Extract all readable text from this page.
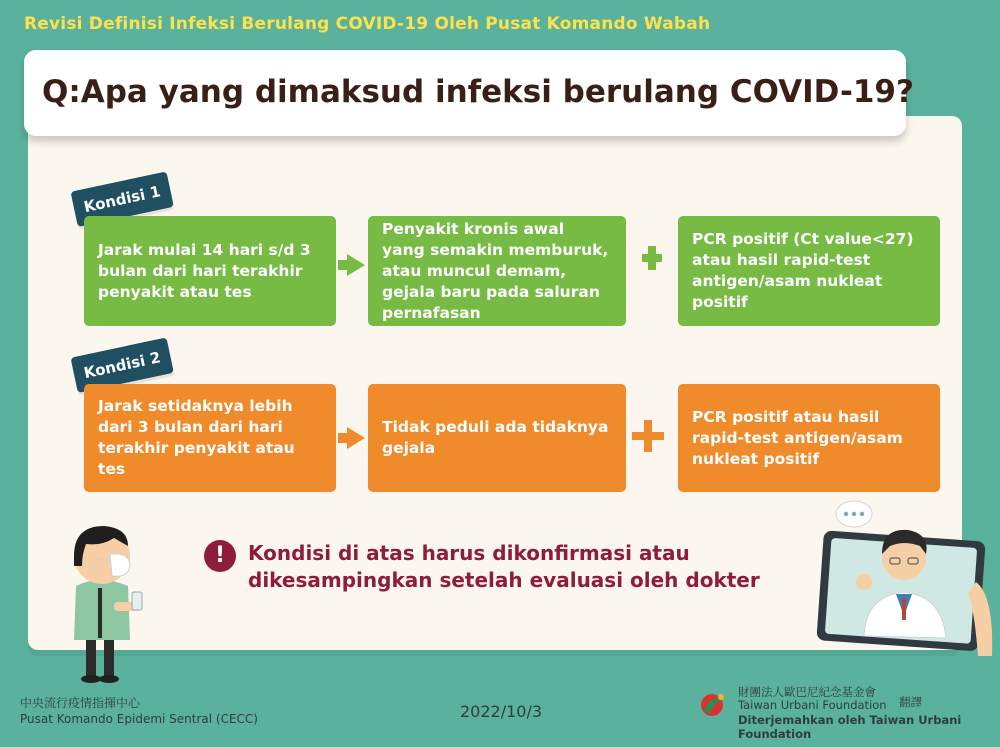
Revisi Definisi Infeksi Berulang COVID-19 Oleh Pusat Komando Wabah
Q:Apa yang dimaksud infeksi berulang COVID-19?
Kondisi 1
Jarak mulai 14 hari s/d 3 bulan dari hari terakhir penyakit atau tes
Penyakit kronis awal yang semakin memburuk, atau muncul demam, gejala baru pada saluran pernafasan
PCR positif (Ct value<27) atau hasil rapid-test antigen/asam nukleat positif
Kondisi 2
Jarak setidaknya lebih dari 3 bulan dari hari terakhir penyakit atau tes
Tidak peduli ada tidaknya gejala
PCR positif atau hasil rapid-test antigen/asam nukleat positif
!	Kondisi di atas harus dikonfirmasi atau dikesampingkan setelah evaluasi oleh dokter
中央流行疫情指揮中心
Pusat Komando Epidemi Sentral (CECC)	2022/10/3
財團法人歐巴尼紀念基金會
Taiwan Urbani Foundation 翻譯
Diterjemahkan oleh Taiwan Urbani Foundation
